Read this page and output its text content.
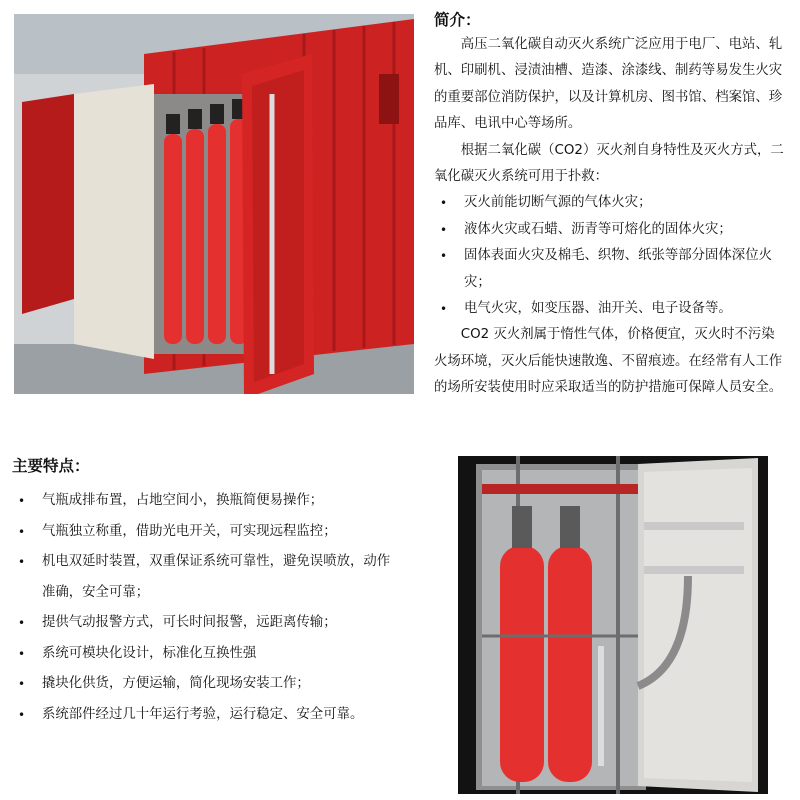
简介：

高压二氧化碳自动灭火系统广泛应用于电厂、电站、轧机、印刷机、浸渍油槽、造漆、涂漆线、制药等易发生火灾的重要部位消防保护，以及计算机房、图书馆、档案馆、珍品库、电讯中心等场所。

根据二氧化碳（CO2）灭火剂自身特性及灭火方式，二氧化碳灭火系统可用于扑救：

• 灭火前能切断气源的气体火灾；
• 液体火灾或石蜡、沥青等可熔化的固体火灾；
• 固体表面火灾及棉毛、织物、纸张等部分固体深位火灾；
• 电气火灾，如变压器、油开关、电子设备等。

CO2 灭火剂属于惰性气体，价格便宜，灭火时不污染火场环境，灭火后能快速散逸、不留痕迹。在经常有人工作的场所安装使用时应采取适当的防护措施可保障人员安全。

主要特点：

• 气瓶成排布置，占地空间小，换瓶简便易操作；
• 气瓶独立称重，借助光电开关，可实现远程监控；
• 机电双延时装置，双重保证系统可靠性，避免误喷放，动作准确，安全可靠；
• 提供气动报警方式，可长时间报警，远距离传输；
• 系统可模块化设计，标准化互换性强
• 撬块化供货，方便运输，简化现场安装工作；
• 系统部件经过几十年运行考验，运行稳定、安全可靠。
